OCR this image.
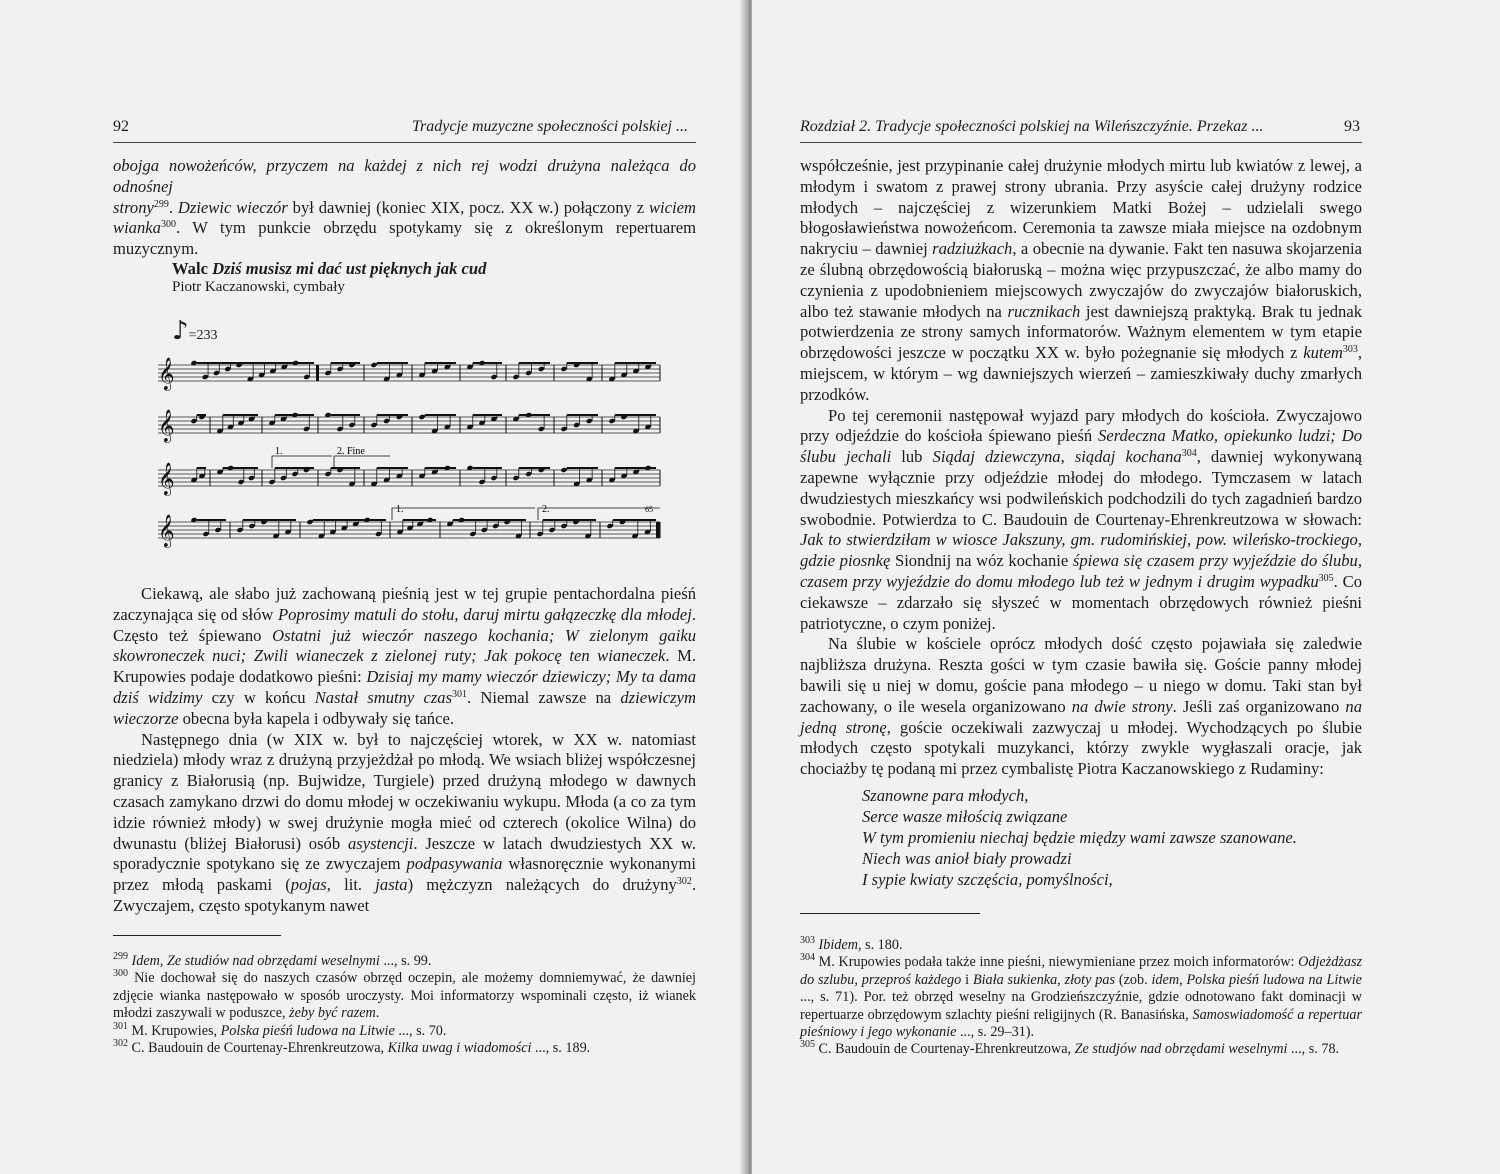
92	Tradycje muzyczne społeczności polskiej ...

obojga nowożeńców, przyczem na każdej z nich rej wodzi drużyna należąca do odnośnej

strony$^{299}$. Dziewic wieczór był dawniej (koniec XIX, pocz. XX w.) połączony z wiciem

wianka$^{300}$. W tym punkcie obrzędu spotykamy się z określonym repertuarem

muzycznym.

Walc Dziś musisz mi dać ust pięknych jak cud
Piotr Kaczanowski, cymbały
♪=233
1.	2. Fine
1.	2.	65
𝄞
𝄞
𝄞
𝄞

Ciekawą, ale słabo już zachowaną pieśnią jest w tej grupie pentachordalna pieśń zaczynająca się od słów Poprosimy matuli do stołu, daruj mirtu gałązeczkę dla młodej. Często też śpiewano Ostatni już wieczór naszego kochania; W zielonym gaiku skowroneczek nuci; Zwili wianeczek z zielonej ruty; Jak pokocę ten wianeczek. M. Krupowies podaje dodatkowo pieśni: Dzisiaj my mamy wieczór dziewiczy; My ta dama dziś widzimy czy w końcu Nastał smutny czas$^{301}$. Niemal zawsze na dziewiczym wieczorze obecna była kapela i odbywały się tańce.

Następnego dnia (w XIX w. był to najczęściej wtorek, w XX w. natomiast niedziela) młody wraz z drużyną przyjeżdżał po młodą. We wsiach bliżej współczesnej granicy z Białorusią (np. Bujwidze, Turgiele) przed drużyną młodego w dawnych czasach zamykano drzwi do domu młodej w oczekiwaniu wykupu. Młoda (a co za tym idzie również młody) w swej drużynie mogła mieć od czterech (okolice Wilna) do dwunastu (bliżej Białorusi) osób asystencji. Jeszcze w latach dwudziestych XX w. sporadycznie spotykano się ze zwyczajem podpasywania własnoręcznie wykonanymi przez młodą paskami (pojas, lit. jasta) mężczyzn należących do drużyny$^{302}$. Zwyczajem, często spotykanym nawet

$^{299}$ Idem, Ze studiów nad obrzędami weselnymi ..., s. 99.

$^{300}$ Nie dochował się do naszych czasów obrzęd oczepin, ale możemy domniemywać, że dawniej zdjęcie wianka następowało w sposób uroczysty. Moi informatorzy wspominali często, iż wianek młodzi zaszywali w poduszce, żeby być razem.

$^{301}$ M. Krupowies, Polska pieśń ludowa na Litwie ..., s. 70.

$^{302}$ C. Baudouin de Courtenay-Ehrenkreutzowa, Kilka uwag i wiadomości ..., s. 189.

Rozdział 2. Tradycje społeczności polskiej na Wileńszczyźnie. Przekaz ...	93

współcześnie, jest przypinanie całej drużynie młodych mirtu lub kwiatów z lewej, a młodym i swatom z prawej strony ubrania. Przy asyście całej drużyny rodzice młodych – najczęściej z wizerunkiem Matki Bożej – udzielali swego błogosławieństwa nowożeńcom. Ceremonia ta zawsze miała miejsce na ozdobnym nakryciu – dawniej radziużkach, a obecnie na dywanie. Fakt ten nasuwa skojarzenia ze ślubną obrzędowością białoruską – można więc przypuszczać, że albo mamy do czynienia z upodobnieniem miejscowych zwyczajów do zwyczajów białoruskich, albo też stawanie młodych na rucznikach jest dawniejszą praktyką. Brak tu jednak potwierdzenia ze strony samych informatorów. Ważnym elementem w tym etapie obrzędowości jeszcze w początku XX w. było pożegnanie się młodych z kutem$^{303}$, miejscem, w którym – wg dawniejszych wierzeń – zamieszkiwały duchy zmarłych przodków.

Po tej ceremonii następował wyjazd pary młodych do kościoła. Zwyczajowo przy odjeździe do kościoła śpiewano pieśń Serdeczna Matko, opiekunko ludzi; Do ślubu jechali lub Siądaj dziewczyna, siądaj kochana$^{304}$, dawniej wykonywaną zapewne wyłącznie przy odjeździe młodej do młodego. Tymczasem w latach dwudziestych mieszkańcy wsi podwileńskich podchodzili do tych zagadnień bardzo swobodnie. Potwierdza to C. Baudouin de Courtenay-Ehrenkreutzowa w słowach: Jak to stwierdziłam w wiosce Jakszuny, gm. rudomińskiej, pow. wileńsko-trockiego, gdzie piosnkę Siondnij na wóz kochanie śpiewa się czasem przy wyjeździe do ślubu, czasem przy wyjeździe do domu młodego lub też w jednym i drugim wypadku$^{305}$. Co ciekawsze – zdarzało się słyszeć w momentach obrzędowych również pieśni patriotyczne, o czym poniżej.

Na ślubie w kościele oprócz młodych dość często pojawiała się zaledwie najbliższa drużyna. Reszta gości w tym czasie bawiła się. Goście panny młodej bawili się u niej w domu, goście pana młodego – u niego w domu. Taki stan był zachowany, o ile wesela organizowano na dwie strony. Jeśli zaś organizowano na jedną stronę, goście oczekiwali zazwyczaj u młodej. Wychodzących po ślubie młodych często spotykali muzykanci, którzy zwykle wygłaszali oracje, jak chociażby tę podaną mi przez cymbalistę Piotra Kaczanowskiego z Rudaminy:

Szanowne para młodych,
Serce wasze miłością związane
W tym promieniu niechaj będzie między wami zawsze szanowane.
Niech was anioł biały prowadzi
I sypie kwiaty szczęścia, pomyślności,

$^{303}$ Ibidem, s. 180.

$^{304}$ M. Krupowies podała także inne pieśni, niewymieniane przez moich informatorów: Odjeżdżasz do szlubu, przeproś każdego i Biała sukienka, złoty pas (zob. idem, Polska pieśń ludowa na Litwie ..., s. 71). Por. też obrzęd weselny na Grodzieńszczyźnie, gdzie odnotowano fakt dominacji w repertuarze obrzędowym szlachty pieśni religijnych (R. Banasińska, Samoswiadomość a repertuar pieśniowy i jego wykonanie ..., s. 29–31).

$^{305}$ C. Baudouin de Courtenay-Ehrenkreutzowa, Ze studjów nad obrzędami weselnymi ..., s. 78.
